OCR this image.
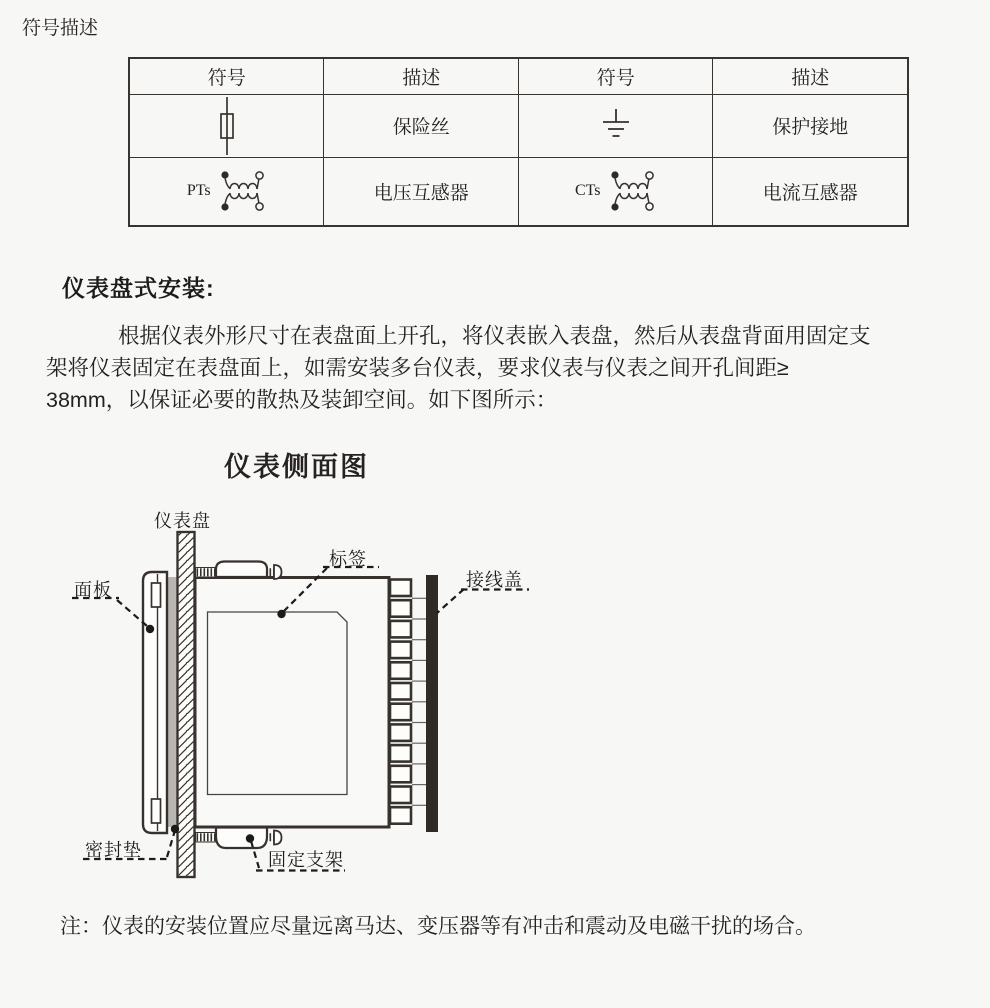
符号描述
符号	描述	符号	描述

	保险丝		保护接地

PTs	电压互感器	CTs	电流互感器
仪表盘式安装:
根据仪表外形尺寸在表盘面上开孔，将仪表嵌入表盘，然后从表盘背面用固定支
架将仪表固定在表盘面上，如需安装多台仪表，要求仪表与仪表之间开孔间距≥
38mm，以保证必要的散热及装卸空间。如下图所示：
仪表侧面图
仪表盘
面板
标签
接线盖
密封垫	固定支架
注：仪表的安装位置应尽量远离马达、变压器等有冲击和震动及电磁干扰的场合。
